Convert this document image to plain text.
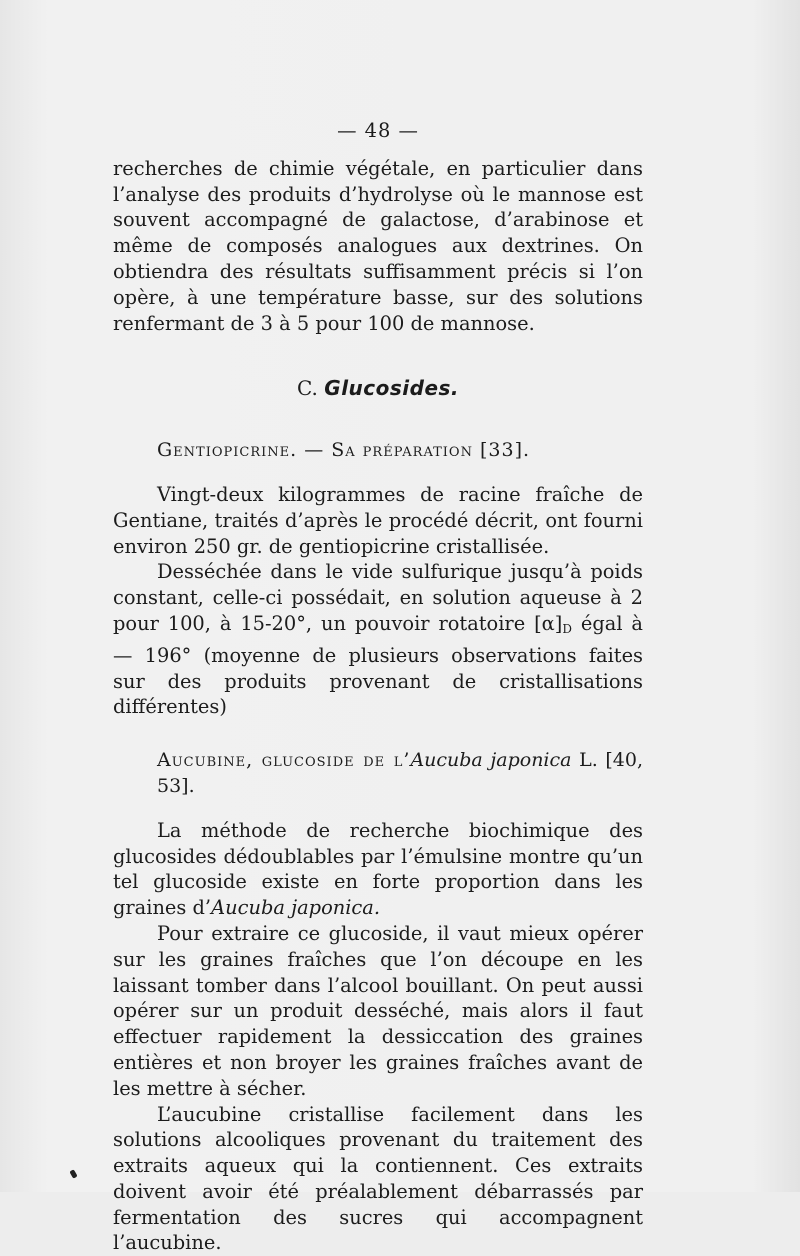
— 48 —

recherches de chimie végétale, en particulier dans l’analyse des produits d’hydrolyse où le mannose est souvent accompagné de galactose, d’arabinose et même de composés analogues aux dextrines. On obtiendra des résultats suffisamment précis si l’on opère, à une température basse, sur des solutions renfermant de 3 à 5 pour 100 de mannose.

C. Glucosides.
Gentiopicrine. — Sa préparation [33].

Vingt-deux kilogrammes de racine fraîche de Gentiane, traités d’après le procédé décrit, ont fourni environ 250 gr. de gentiopicrine cristallisée.

Desséchée dans le vide sulfurique jusqu’à poids constant, celle-ci possédait, en solution aqueuse à 2 pour 100, à 15-20°, un pouvoir rotatoire $[\alpha]_D$ égal à — 196° (moyenne de plusieurs observations faites sur des produits provenant de cristallisations différentes)

Aucubine, glucoside de l’Aucuba japonica L. [40, 53].

La méthode de recherche biochimique des glucosides dédoublables par l’émulsine montre qu’un tel glucoside existe en forte proportion dans les graines d’Aucuba japonica.

Pour extraire ce glucoside, il vaut mieux opérer sur les graines fraîches que l’on découpe en les laissant tomber dans l’alcool bouillant. On peut aussi opérer sur un produit desséché, mais alors il faut effectuer rapidement la dessiccation des graines entières et non broyer les graines fraîches avant de les mettre à sécher.

L’aucubine cristallise facilement dans les solutions alcooliques provenant du traitement des extraits aqueux qui la contiennent. Ces extraits doivent avoir été préalablement débarrassés par fermentation des sucres qui accompagnent l’aucubine.
